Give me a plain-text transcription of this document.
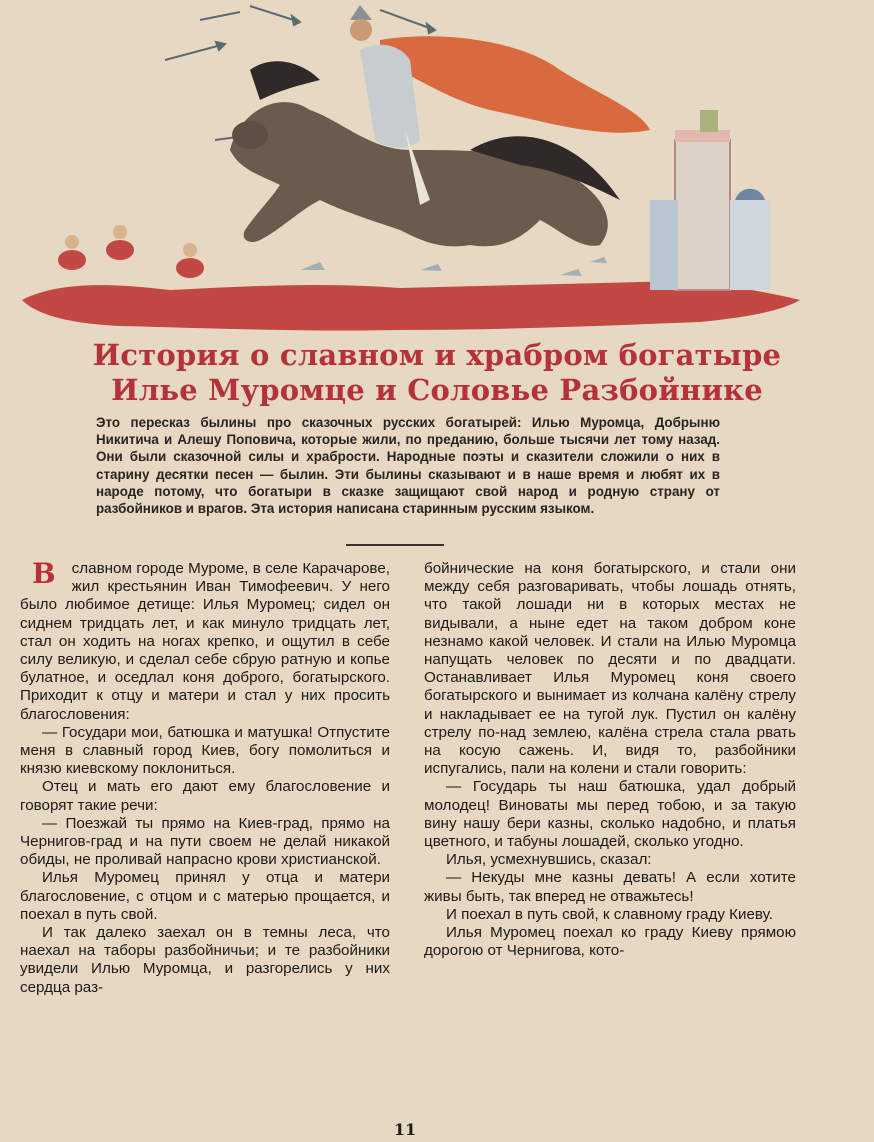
История о славном и храбром богатыре
Илье Муромце и Соловье Разбойнике
Это пересказ былины про сказочных русских богатырей: Илью Муромца, Добрыню Никитича и Алешу Поповича, которые жили, по преданию, больше тысячи лет тому назад. Они были сказочной силы и храбрости. Народные поэты и сказители сложили о них в старину десятки песен — былин. Эти былины сказывают и в наше время и любят их в народе потому, что богатыри в сказке защищают свой народ и родную страну от разбойников и врагов. Эта история написана старинным русским языком.

В славном городе Муроме, в селе Карачарове, жил крестьянин Иван Тимофеевич. У него было любимое детище: Илья Муромец; сидел он сиднем тридцать лет, и как минуло тридцать лет, стал он ходить на ногах крепко, и ощутил в себе силу великую, и сделал себе сбрую ратную и копье булатное, и оседлал коня доброго, богатырского. Приходит к отцу и матери и стал у них просить благословения:

— Государи мои, батюшка и матушка! Отпустите меня в славный город Киев, богу помолиться и князю киевскому поклониться.

Отец и мать его дают ему благословение и говорят такие речи:

— Поезжай ты прямо на Киев-град, прямо на Чернигов-град и на пути своем не делай никакой обиды, не проливай напрасно крови христианской.

Илья Муромец принял у отца и матери благословение, с отцом и с матерью прощается, и поехал в путь свой.

И так далеко заехал он в темны леса, что наехал на таборы разбойничьи; и те разбойники увидели Илью Муромца, и разгорелись у них сердца раз-

бойнические на коня богатырского, и стали они между себя разговаривать, чтобы лошадь отнять, что такой лошади ни в которых местах не видывали, а ныне едет на таком добром коне незнамо какой человек. И стали на Илью Муромца напущать человек по десяти и по двадцати. Останавливает Илья Муромец коня своего богатырского и вынимает из колчана калёну стрелу и накладывает ее на тугой лук. Пустил он калёну стрелу по-над землею, калёна стрела стала рвать на косую сажень. И, видя то, разбойники испугались, пали на колени и стали говорить:

— Государь ты наш батюшка, удал добрый молодец! Виноваты мы перед тобою, и за такую вину нашу бери казны, сколько надобно, и платья цветного, и табуны лошадей, сколько угодно.

Илья, усмехнувшись, сказал:

— Некуды мне казны девать! А если хотите живы быть, так вперед не отважьтесь!

И поехал в путь свой, к славному граду Киеву.

Илья Муромец поехал ко граду Киеву прямою дорогою от Чернигова, кото-

11
